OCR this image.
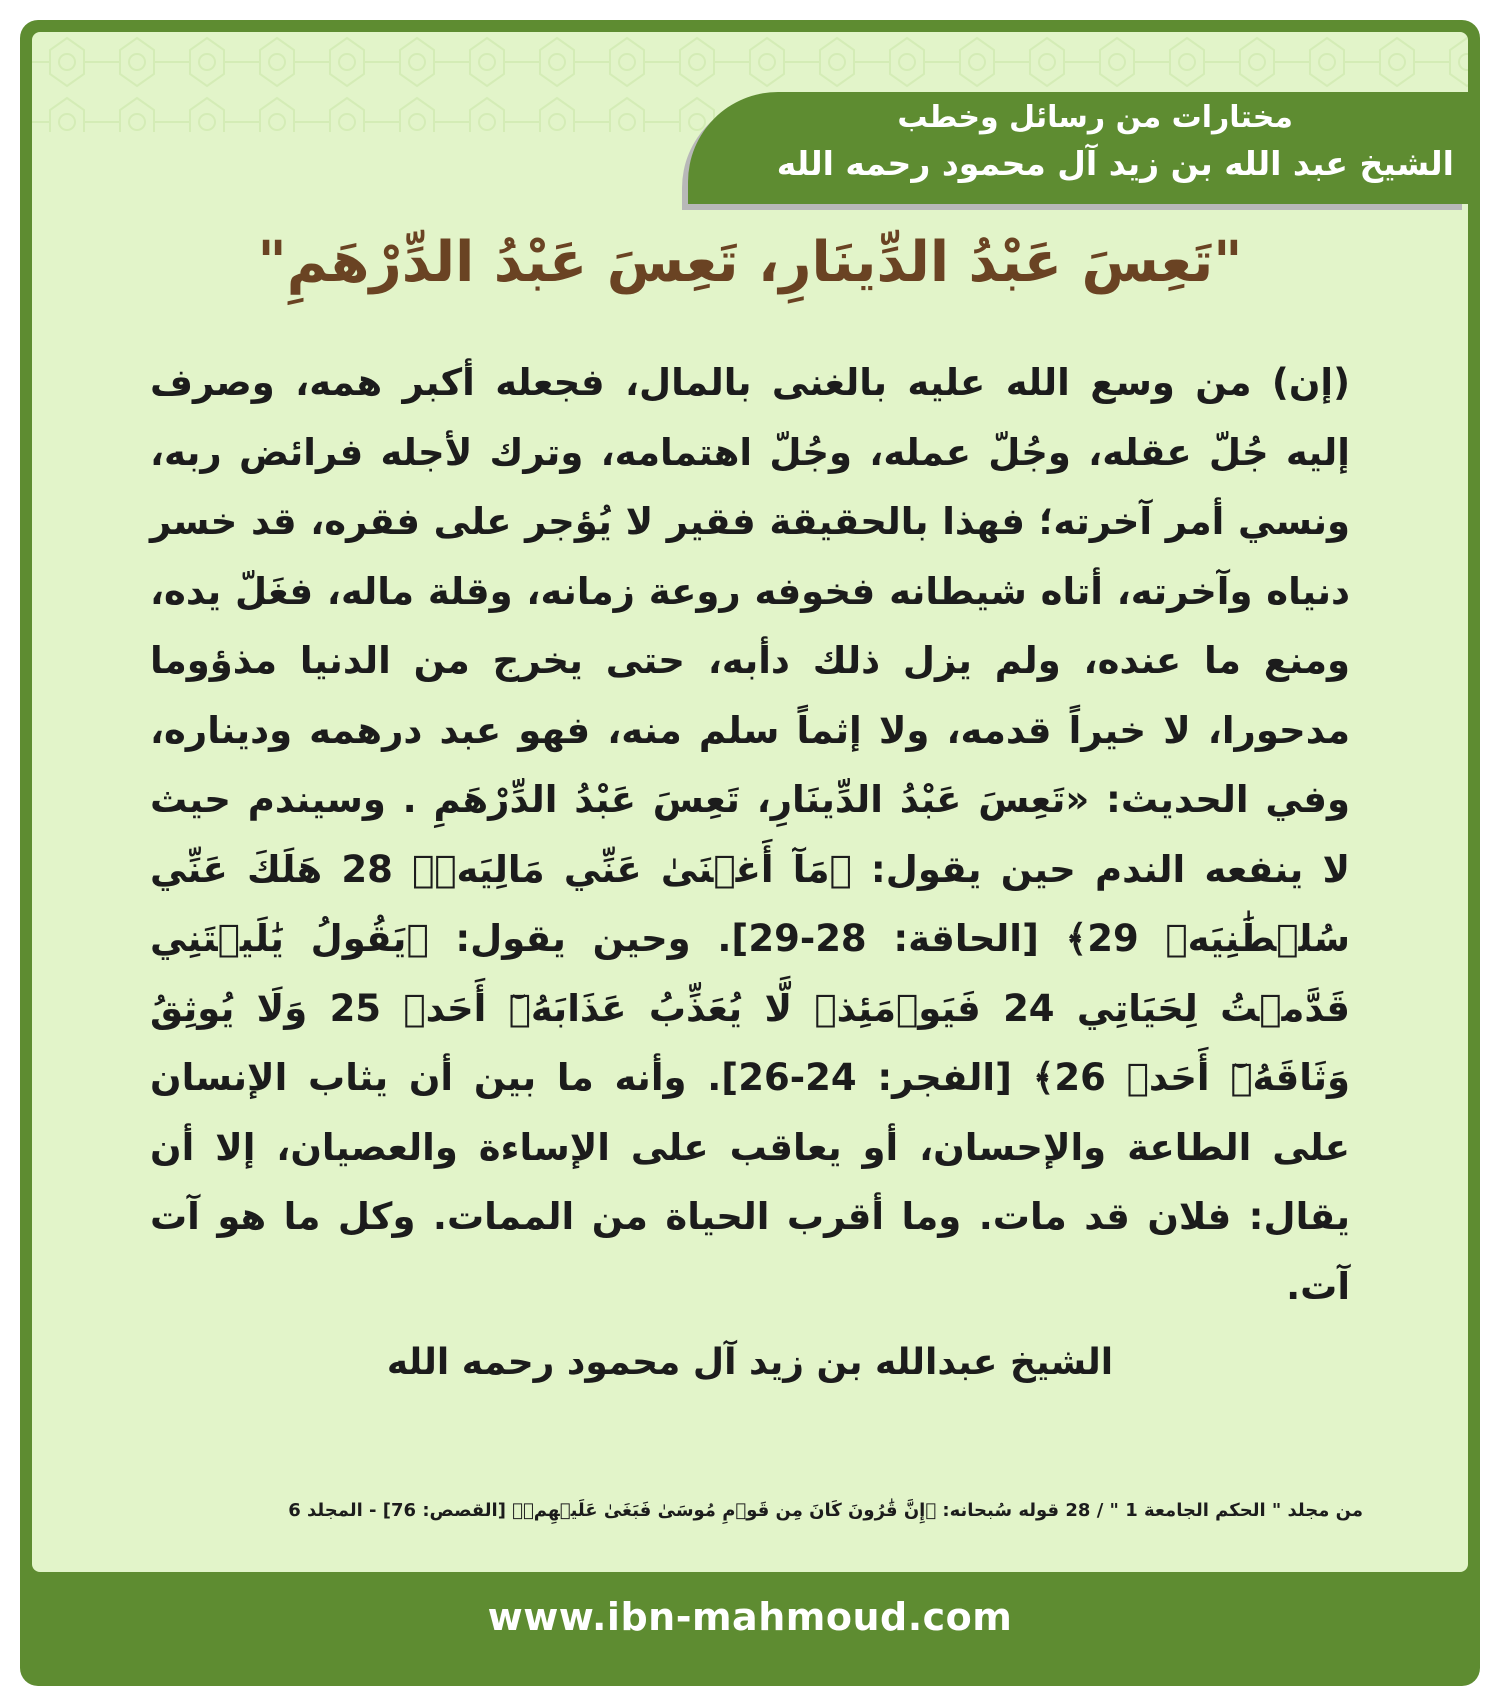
مختارات من رسائل وخطب
الشيخ عبد الله بن زيد آل محمود رحمه الله
"تَعِسَ عَبْدُ الدِّينَارِ، تَعِسَ عَبْدُ الدِّرْهَمِ"

(إن) من وسع الله عليه بالغنى بالمال، فجعله أكبر همه، وصرف إليه جُلّ عقله، وجُلّ عمله، وجُلّ اهتمامه، وترك لأجله فرائض ربه، ونسي أمر آخرته؛ فهذا بالحقيقة فقير لا يُؤجر على فقره، قد خسر دنياه وآخرته، أتاه شيطانه فخوفه روعة زمانه، وقلة ماله، فغَلّ يده، ومنع ما عنده، ولم يزل ذلك دأبه، حتى يخرج من الدنيا مذؤوما مدحورا، لا خيراً قدمه، ولا إثماً سلم منه، فهو عبد درهمه وديناره، وفي الحديث: «تَعِسَ عَبْدُ الدِّينَارِ، تَعِسَ عَبْدُ الدِّرْهَمِ . وسيندم حيث لا ينفعه الندم حين يقول: ﴿مَآ أَغۡنَىٰ عَنِّي مَالِيَهۡۜ 28 هَلَكَ عَنِّي سُلۡطَٰنِيَهۡ 29﴾ [الحاقة: 28-29]. وحين يقول: ﴿يَقُولُ يَٰلَيۡتَنِي قَدَّمۡتُ لِحَيَاتِي 24 فَيَوۡمَئِذٖ لَّا يُعَذِّبُ عَذَابَهُۥٓ أَحَدٞ 25 وَلَا يُوثِقُ وَثَاقَهُۥٓ أَحَدٞ 26﴾ [الفجر: 24-26]. وأنه ما بين أن يثاب الإنسان على الطاعة والإحسان، أو يعاقب على الإساءة والعصيان، إلا أن يقال: فلان قد مات. وما أقرب الحياة من الممات. وكل ما هو آت آت.

الشيخ عبدالله بن زيد آل محمود رحمه الله
من مجلد " الحكم الجامعة 1 " / 28 قوله سُبحانه: ﴿إِنَّ قَٰرُونَ كَانَ مِن قَوۡمِ مُوسَىٰ فَبَغَىٰ عَلَيۡهِمۡ﴾ [القصص: 76] - المجلد 6
www.ibn-mahmoud.com
